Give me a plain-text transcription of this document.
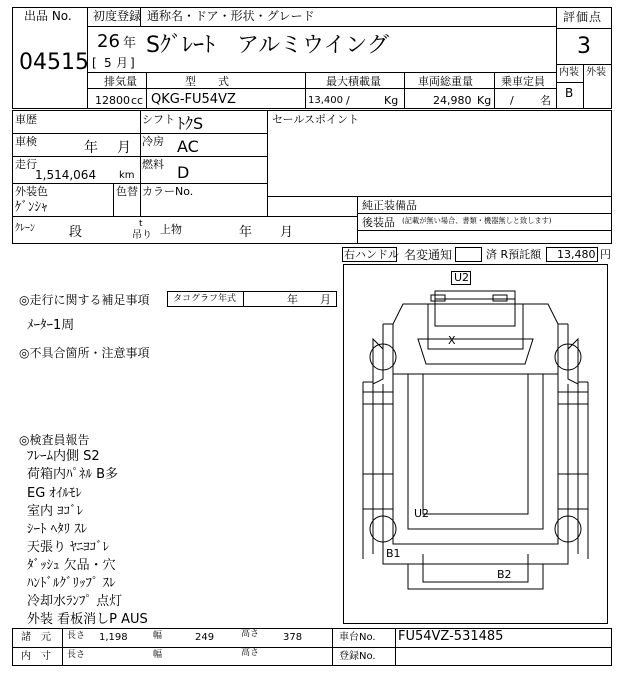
出品 No. 初度登録 通称名・ドア・形状・グレード	評価点
04515
26 年
[ 5 月 ]
Sｸﾞﾚｰﾄ　アルミウイング	3
内装 外装
B
排気量	型　　式	最大積載量	車両総重量	乗車定員
12800 cc QKG-FU54VZ	13,400 /	Kg	24,980 Kg / 名
車歴	シフト ﾄｸS	セールスポイント
車検	年 月 冷房 AC
走行
1,514,064 km
燃料 D
外装色	色替 カラーNo.
ｹﾞﾝｼｬ	純正装備品
後装品 (記載が無い場合、書類・機器無しと致します)
ｸﾚｰﾝ	段
t
吊り 上物	年 月
右ハンドル 名変通知	済 R預託額 13,480 円
◎走行に関する補足事項	タコグラフ年式	年 月
ﾒｰﾀｰ1周
◎不具合箇所・注意事項
◎検査員報告
ﾌﾚｰﾑ内側 S2
荷箱内ﾊﾟﾈﾙ B多
EG ｵｲﾙﾓﾚ
室内 ﾖｺﾞﾚ
ｼｰﾄ ﾍﾀﾘ ｽﾚ
天張り ﾔﾆﾖｺﾞﾚ
ﾀﾞｯｼｭ 欠品・穴
ﾊﾝﾄﾞﾙｸﾞﾘｯﾌﾟ ｽﾚ
冷却水ﾗﾝﾌﾟ 点灯
外装 看板消しP AUS
U2
X
U2
B1
B2
諸　元 長さ 1,198	幅	249	高さ 378	車台No. FU54VZ-531485
内　寸 長さ	幅	高さ	登録No.
